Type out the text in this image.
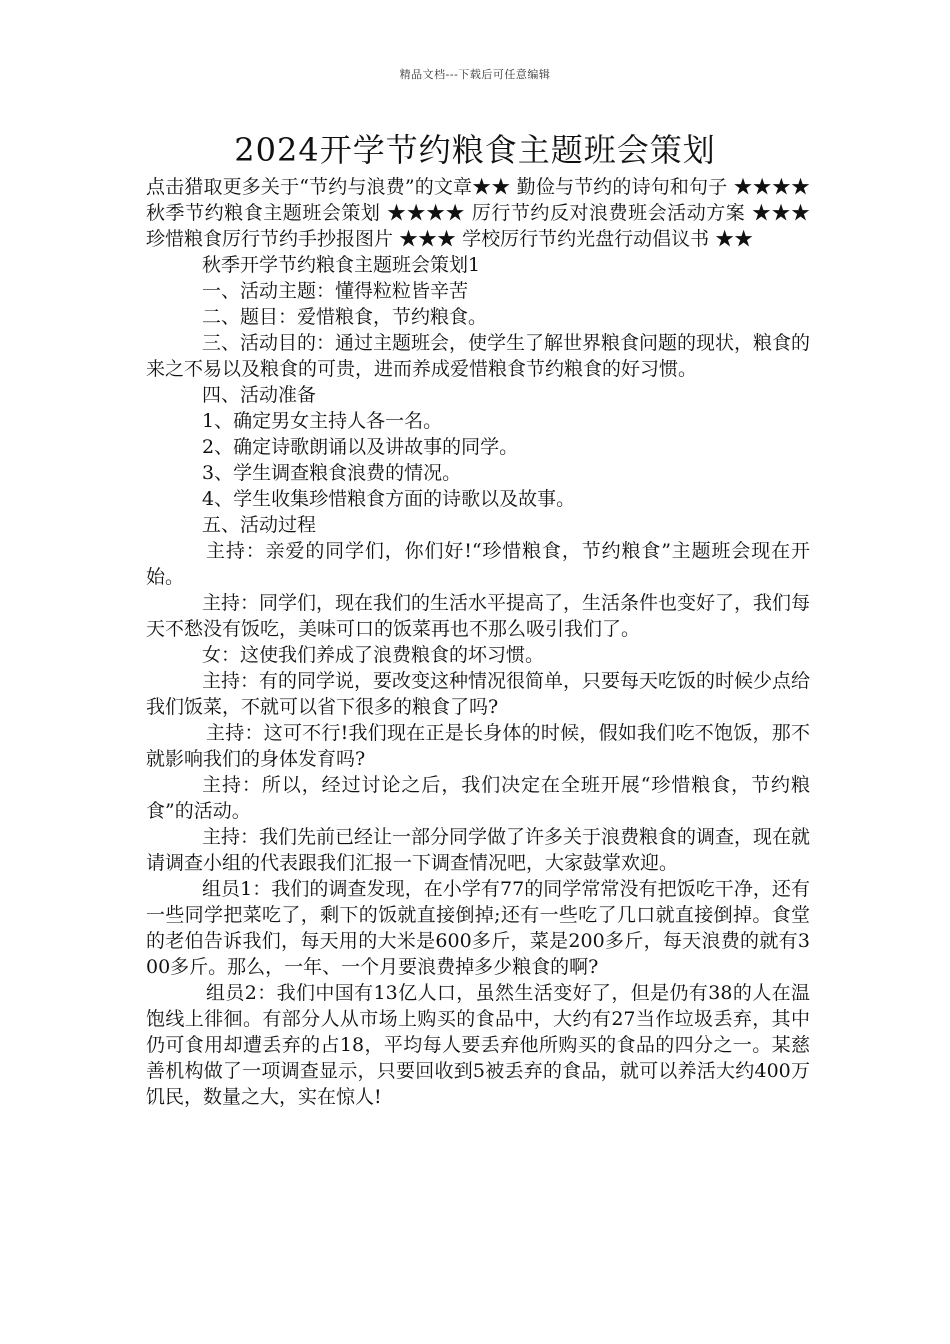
精品文档---下载后可任意编辑
2024开学节约粮食主题班会策划

点击猎取更多关于“节约与浪费”的文章★★ 勤俭与节约的诗句和句子 ★★★★ 秋季节约粮食主题班会策划 ★★★★ 厉行节约反对浪费班会活动方案 ★★★ 珍惜粮食厉行节约手抄报图片 ★★★ 学校厉行节约光盘行动倡议书 ★★

秋季开学节约粮食主题班会策划1

一、活动主题：懂得粒粒皆辛苦

二、题目：爱惜粮食，节约粮食。

三、活动目的：通过主题班会，使学生了解世界粮食问题的现状，粮食的来之不易以及粮食的可贵，进而养成爱惜粮食节约粮食的好习惯。

四、活动准备

1、确定男女主持人各一名。

2、确定诗歌朗诵以及讲故事的同学。

3、学生调查粮食浪费的情况。

4、学生收集珍惜粮食方面的诗歌以及故事。

五、活动过程

主持：亲爱的同学们，你们好!“珍惜粮食，节约粮食”主题班会现在开始。

主持：同学们，现在我们的生活水平提高了，生活条件也变好了，我们每天不愁没有饭吃，美味可口的饭菜再也不那么吸引我们了。

女：这使我们养成了浪费粮食的坏习惯。

主持：有的同学说，要改变这种情况很简单，只要每天吃饭的时候少点给我们饭菜，不就可以省下很多的粮食了吗?

主持：这可不行!我们现在正是长身体的时候，假如我们吃不饱饭，那不就影响我们的身体发育吗?

主持：所以，经过讨论之后，我们决定在全班开展“珍惜粮食，节约粮食”的活动。

主持：我们先前已经让一部分同学做了许多关于浪费粮食的调查，现在就请调查小组的代表跟我们汇报一下调查情况吧，大家鼓掌欢迎。

组员1：我们的调查发现，在小学有77的同学常常没有把饭吃干净，还有一些同学把菜吃了，剩下的饭就直接倒掉;还有一些吃了几口就直接倒掉。食堂的老伯告诉我们，每天用的大米是600多斤，菜是200多斤，每天浪费的就有300多斤。那么，一年、一个月要浪费掉多少粮食的啊?

组员2：我们中国有13亿人口，虽然生活变好了，但是仍有38的人在温饱线上徘徊。有部分人从市场上购买的食品中，大约有27当作垃圾丢弃，其中仍可食用却遭丢弃的占18，平均每人要丢弃他所购买的食品的四分之一。某慈善机构做了一项调查显示，只要回收到5被丢弃的食品，就可以养活大约400万饥民，数量之大，实在惊人!
